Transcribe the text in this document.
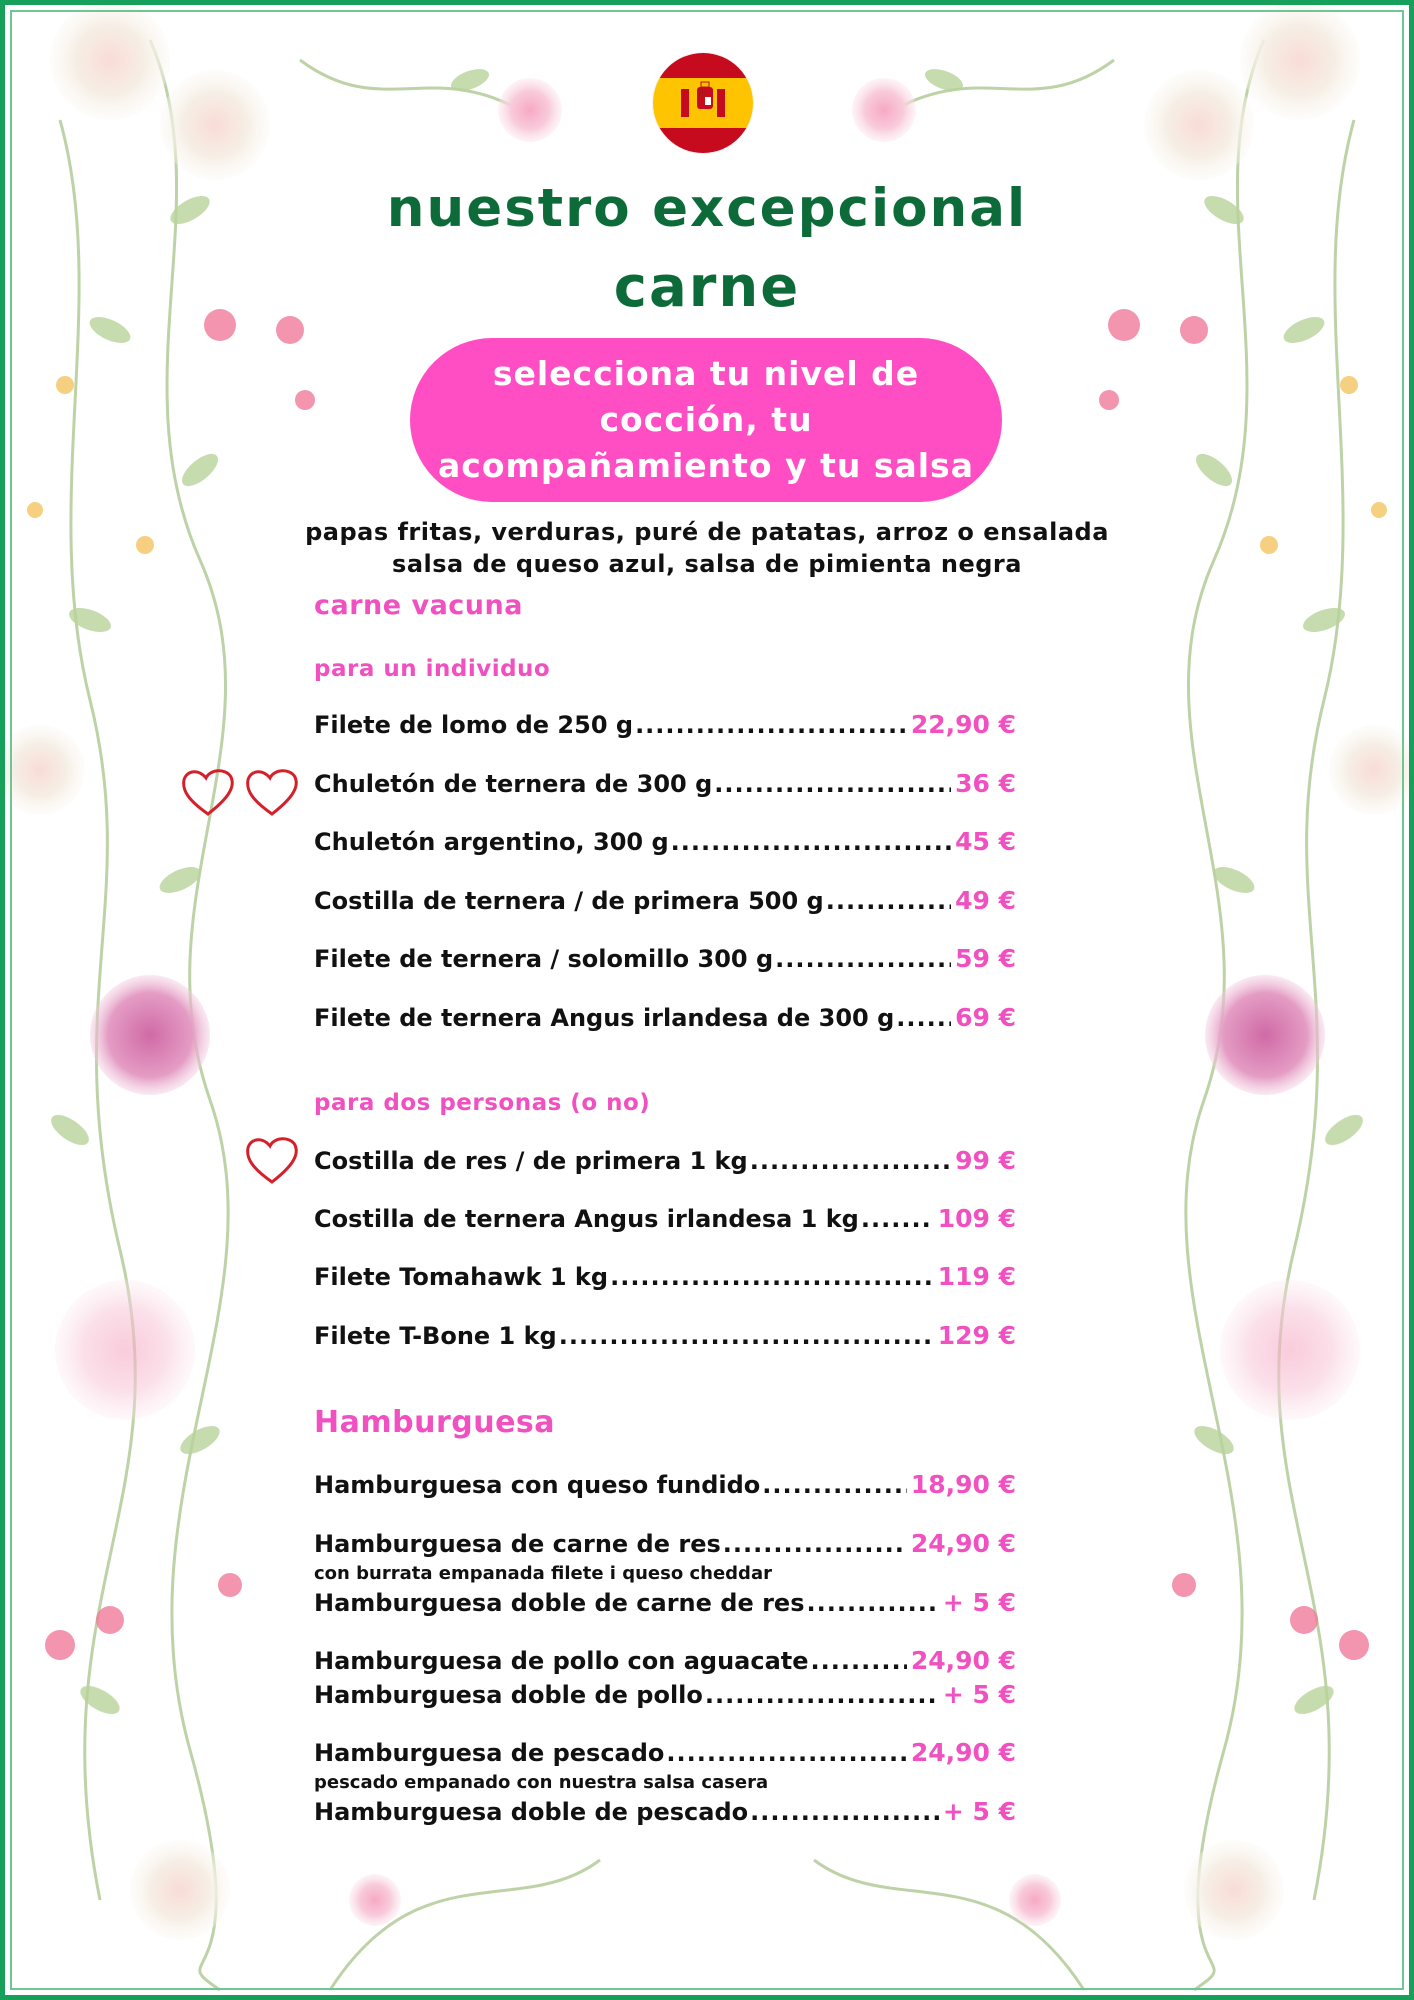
nuestro excepcional
carne
selecciona tu nivel de cocción, tu acompañamiento y tu salsa
papas fritas, verduras, puré de patatas, arroz o ensalada
salsa de queso azul, salsa de pimienta negra
carne vacuna
para un individuo
Filete de lomo de 250 g .....	22,90 €
Chuletón de ternera de 300 g .....	36 €
Chuletón argentino, 300 g .....	45 €
Costilla de ternera / de primera 500 g .....	49 €
Filete de ternera / solomillo 300 g .....	59 €
Filete de ternera Angus irlandesa de 300 g ..... 69 €
para dos personas (o no)
Costilla de res / de primera 1 kg .....	99 €
Costilla de ternera Angus irlandesa 1 kg .....	109 €
Filete Tomahawk 1 kg .....	119 €
Filete T-Bone 1 kg .....	129 €
Hamburguesa
Hamburguesa con queso fundido .....	18,90 €
Hamburguesa de carne de res .....	24,90 €
con burrata empanada filete i queso cheddar
Hamburguesa doble de carne de res .....	+ 5 €
Hamburguesa de pollo con aguacate .....	24,90 €
Hamburguesa doble de pollo .....	+ 5 €
Hamburguesa de pescado .....	24,90 €
pescado empanado con nuestra salsa casera
Hamburguesa doble de pescado .....	+ 5 €
